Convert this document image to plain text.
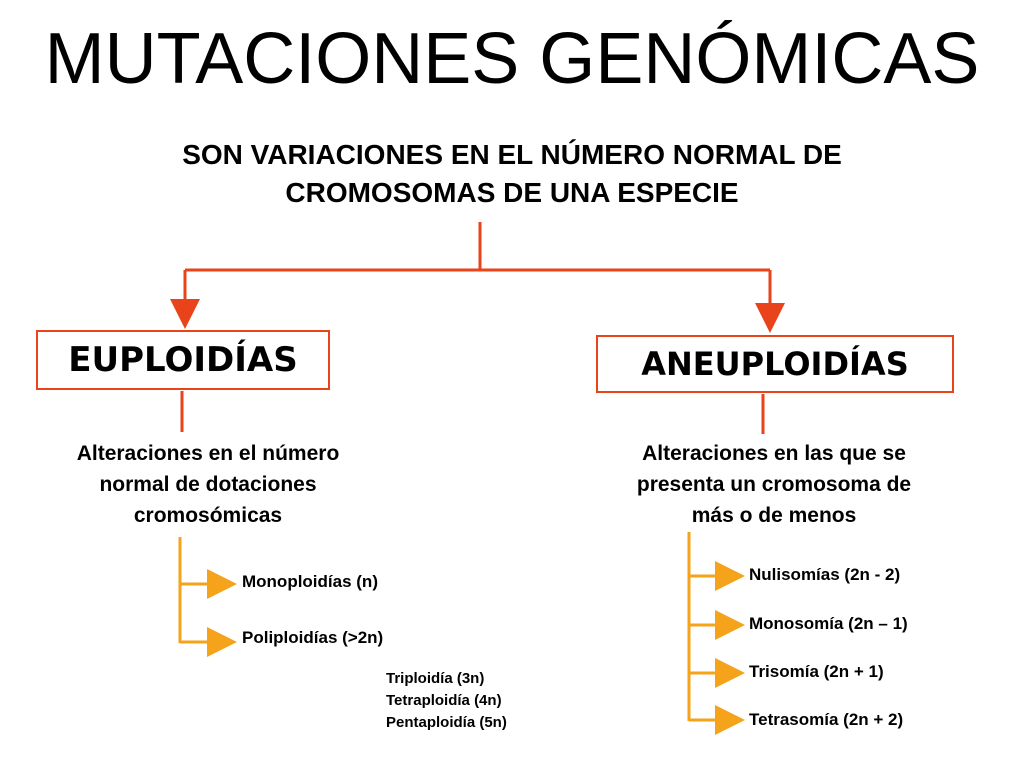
MUTACIONES GENÓMICAS
SON VARIACIONES EN EL NÚMERO NORMAL DE
CROMOSOMAS DE UNA ESPECIE
EUPLOIDÍAS	ANEUPLOIDÍAS
Alteraciones en el número
normal de dotaciones
cromosómicas
Alteraciones en las que se
presenta un cromosoma de
más o de menos
Monoploidías (n)
Poliploidías (>2n)
Triploidía (3n)
Tetraploidía (4n)
Pentaploidía (5n)
Nulisomías (2n - 2)
Monosomía (2n – 1)
Trisomía (2n + 1)
Tetrasomía (2n + 2)
